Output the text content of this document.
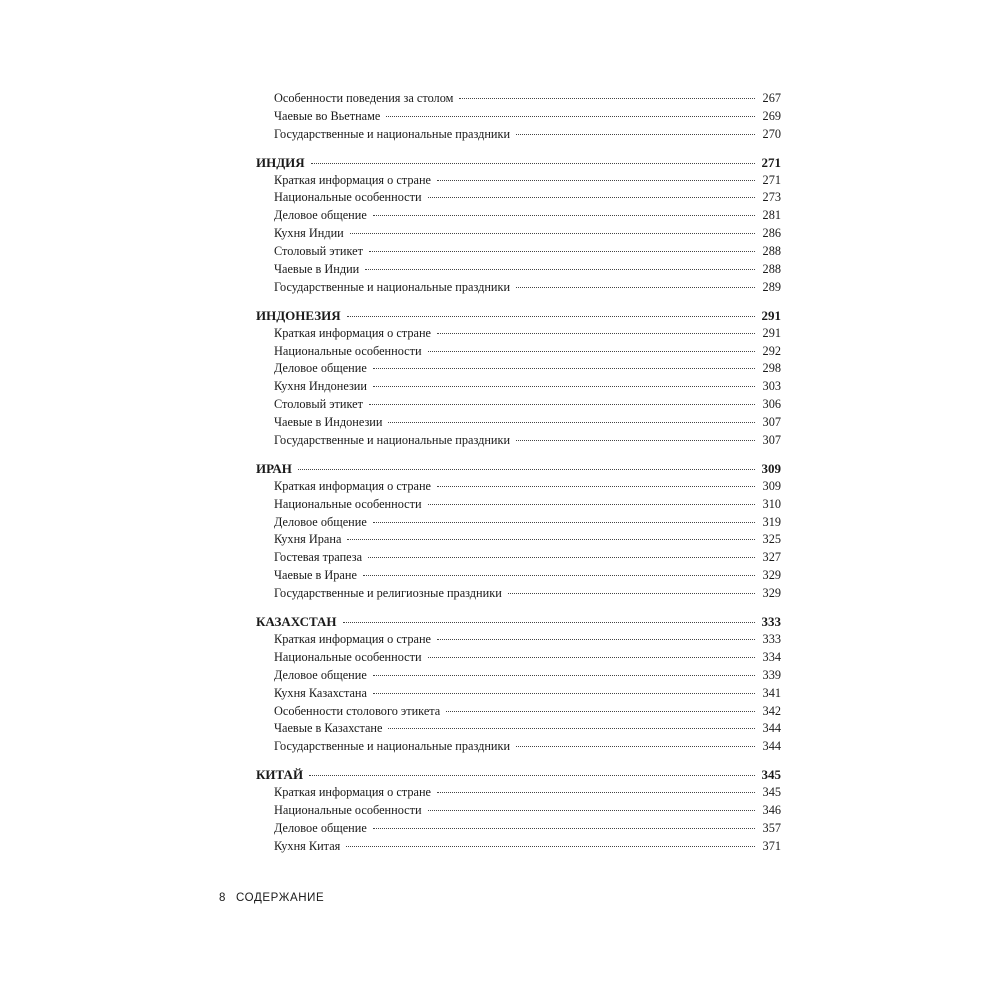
Особенности поведения за столом	267
Чаевые во Вьетнаме	269
Государственные и национальные праздники	270
ИНДИЯ	271
Краткая информация о стране	271
Национальные особенности	273
Деловое общение	281
Кухня Индии	286
Столовый этикет	288
Чаевые в Индии	288
Государственные и национальные праздники	289
ИНДОНЕЗИЯ	291
Краткая информация о стране	291
Национальные особенности	292
Деловое общение	298
Кухня Индонезии	303
Столовый этикет	306
Чаевые в Индонезии	307
Государственные и национальные праздники	307
ИРАН	309
Краткая информация о стране	309
Национальные особенности	310
Деловое общение	319
Кухня Ирана	325
Гостевая трапеза	327
Чаевые в Иране	329
Государственные и религиозные праздники	329
КАЗАХСТАН	333
Краткая информация о стране	333
Национальные особенности	334
Деловое общение	339
Кухня Казахстана	341
Особенности столового этикета	342
Чаевые в Казахстане	344
Государственные и национальные праздники	344
КИТАЙ	345
Краткая информация о стране	345
Национальные особенности	346
Деловое общение	357
Кухня Китая	371
8 СОДЕРЖАНИЕ
